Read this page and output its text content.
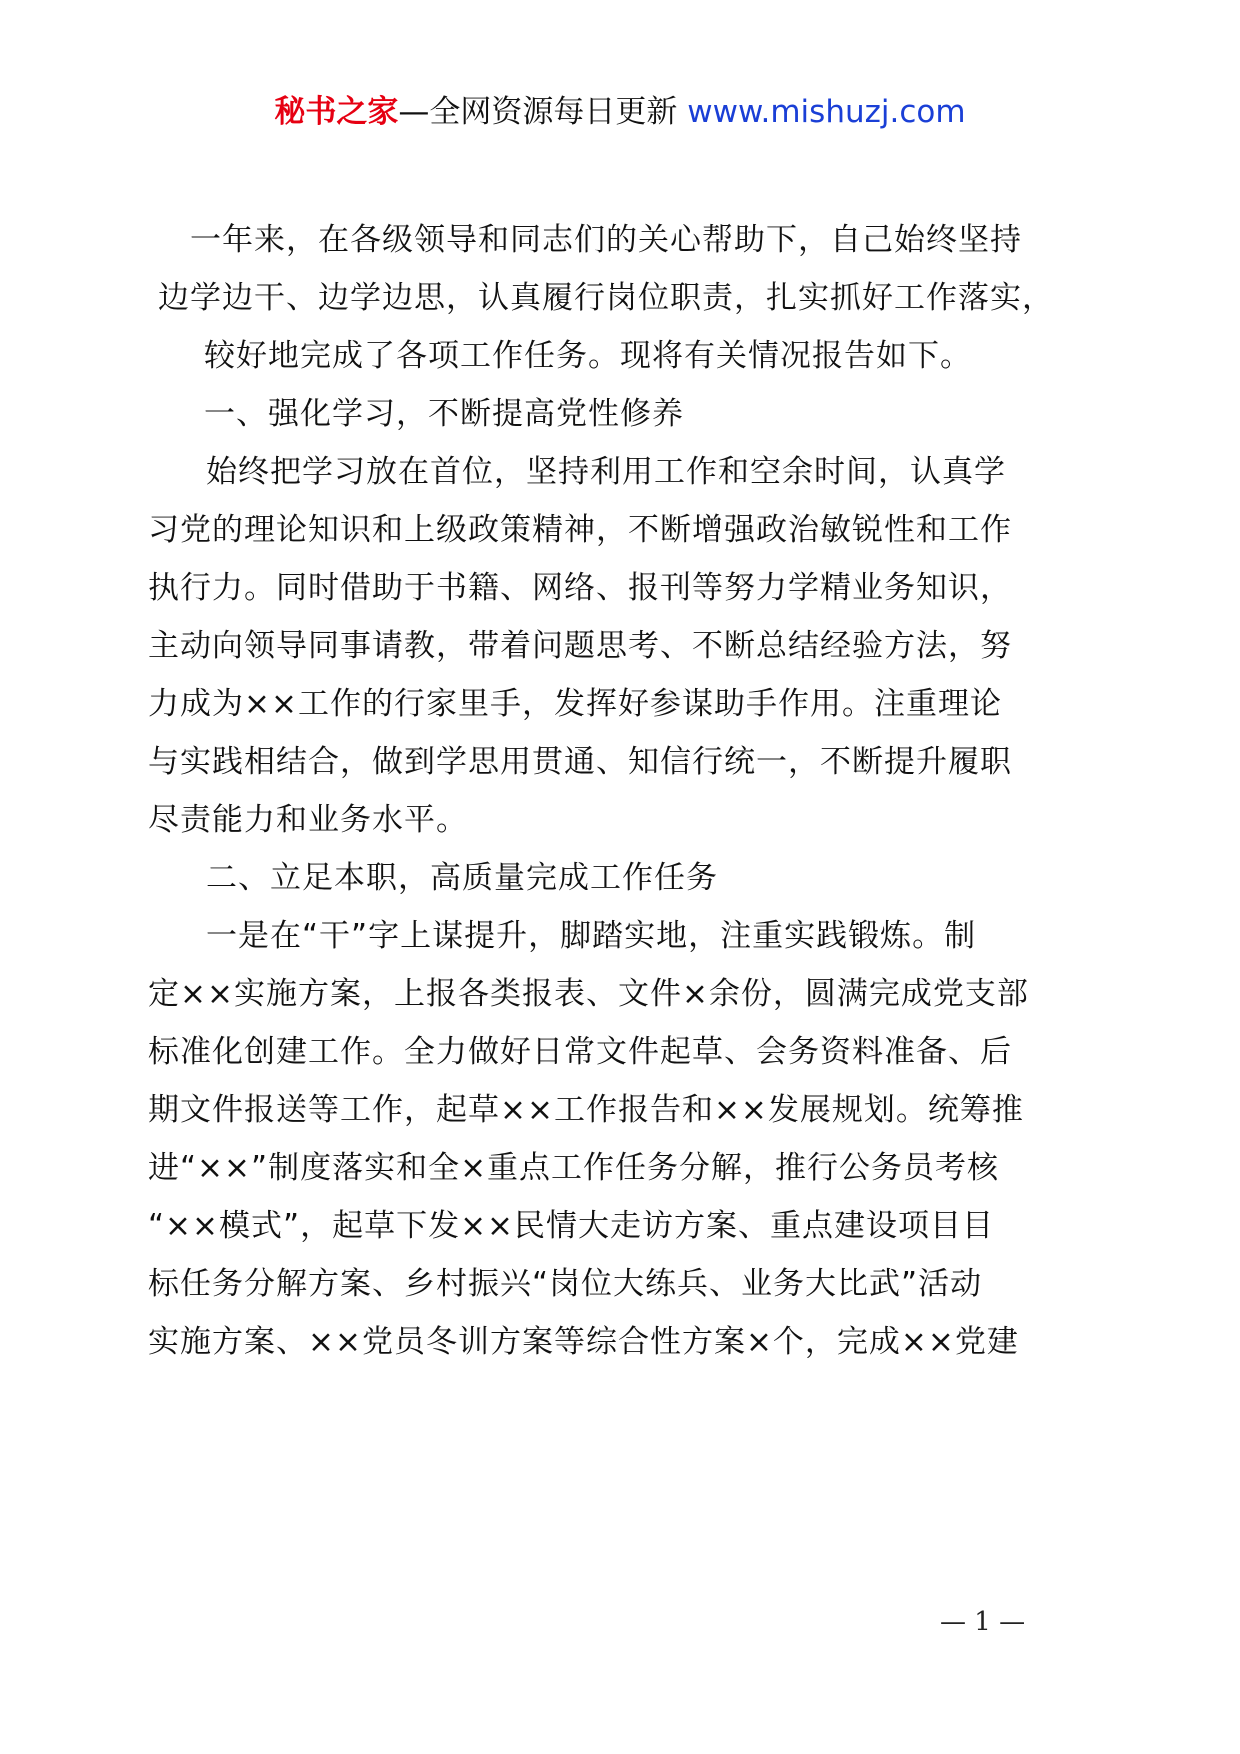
秘书之家—全网资源每日更新 www.mishuzj.com
一年来，在各级领导和同志们的关心帮助下，自己始终坚持
边学边干、边学边思，认真履行岗位职责，扎实抓好工作落实，
较好地完成了各项工作任务。现将有关情况报告如下。
一、强化学习，不断提高党性修养
始终把学习放在首位，坚持利用工作和空余时间，认真学
习党的理论知识和上级政策精神，不断增强政治敏锐性和工作
执行力。同时借助于书籍、网络、报刊等努力学精业务知识，
主动向领导同事请教，带着问题思考、不断总结经验方法，努
力成为××工作的行家里手，发挥好参谋助手作用。注重理论
与实践相结合，做到学思用贯通、知信行统一，不断提升履职
尽责能力和业务水平。
二、立足本职，高质量完成工作任务
一是在“干”字上谋提升，脚踏实地，注重实践锻炼。制
定××实施方案，上报各类报表、文件×余份，圆满完成党支部
标准化创建工作。全力做好日常文件起草、会务资料准备、后
期文件报送等工作，起草××工作报告和××发展规划。统筹推
进“××”制度落实和全×重点工作任务分解，推行公务员考核
“××模式”，起草下发××民情大走访方案、重点建设项目目
标任务分解方案、乡村振兴“岗位大练兵、业务大比武”活动
实施方案、××党员冬训方案等综合性方案×个，完成××党建
— 1 —
